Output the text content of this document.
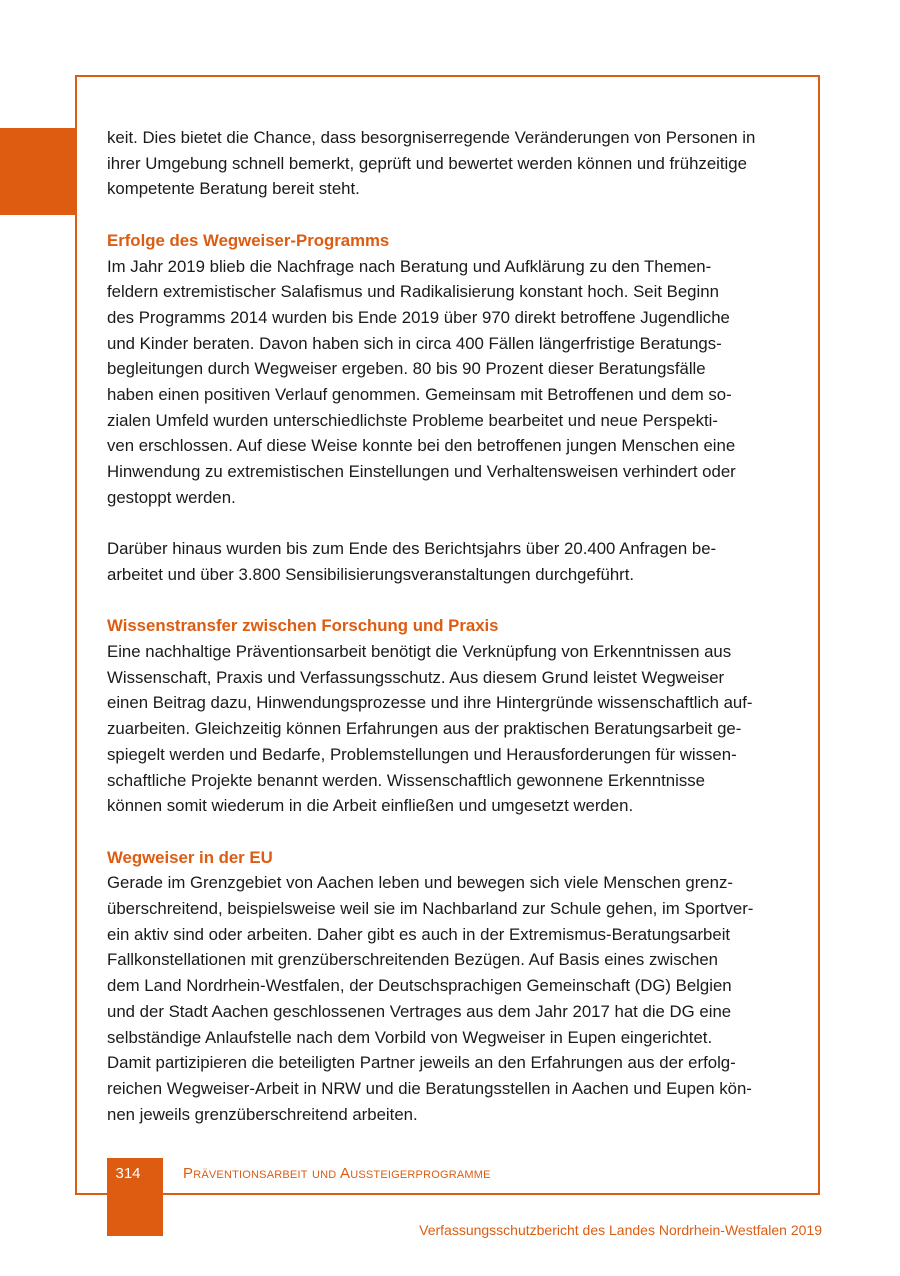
keit. Dies bietet die Chance, dass besorgniserregende Veränderungen von Personen in
ihrer Umgebung schnell bemerkt, geprüft und bewertet werden können und frühzeitige
kompetente Beratung bereit steht.

Erfolge des Wegweiser-Programms

Im Jahr 2019 blieb die Nachfrage nach Beratung und Aufklärung zu den Themen-
feldern extremistischer Salafismus und Radikalisierung konstant hoch. Seit Beginn
des Programms 2014 wurden bis Ende 2019 über 970 direkt betroffene Jugendliche
und Kinder beraten. Davon haben sich in circa 400 Fällen längerfristige Beratungs-
begleitungen durch Wegweiser ergeben. 80 bis 90 Prozent dieser Beratungsfälle
haben einen positiven Verlauf genommen. Gemeinsam mit Betroffenen und dem so-
zialen Umfeld wurden unterschiedlichste Probleme bearbeitet und neue Perspekti-
ven erschlossen. Auf diese Weise konnte bei den betroffenen jungen Menschen eine
Hinwendung zu extremistischen Einstellungen und Verhaltensweisen verhindert oder
gestoppt werden.

Darüber hinaus wurden bis zum Ende des Berichtsjahrs über 20.400 Anfragen be-
arbeitet und über 3.800 Sensibilisierungsveranstaltungen durchgeführt.

Wissenstransfer zwischen Forschung und Praxis

Eine nachhaltige Präventionsarbeit benötigt die Verknüpfung von Erkenntnissen aus
Wissenschaft, Praxis und Verfassungsschutz. Aus diesem Grund leistet Wegweiser
einen Beitrag dazu, Hinwendungsprozesse und ihre Hintergründe wissenschaftlich auf-
zuarbeiten. Gleichzeitig können Erfahrungen aus der praktischen Beratungsarbeit ge-
spiegelt werden und Bedarfe, Problemstellungen und Herausforderungen für wissen-
schaftliche Projekte benannt werden. Wissenschaftlich gewonnene Erkenntnisse
können somit wiederum in die Arbeit einfließen und umgesetzt werden.

Wegweiser in der EU

Gerade im Grenzgebiet von Aachen leben und bewegen sich viele Menschen grenz-
überschreitend, beispielsweise weil sie im Nachbarland zur Schule gehen, im Sportver-
ein aktiv sind oder arbeiten. Daher gibt es auch in der Extremismus-Beratungsarbeit
Fallkonstellationen mit grenzüberschreitenden Bezügen. Auf Basis eines zwischen
dem Land Nordrhein-Westfalen, der Deutschsprachigen Gemeinschaft (DG) Belgien
und der Stadt Aachen geschlossenen Vertrages aus dem Jahr 2017 hat die DG eine
selbständige Anlaufstelle nach dem Vorbild von Wegweiser in Eupen eingerichtet.
Damit partizipieren die beteiligten Partner jeweils an den Erfahrungen aus der erfolg-
reichen Wegweiser-Arbeit in NRW und die Beratungsstellen in Aachen und Eupen kön-
nen jeweils grenzüberschreitend arbeiten.

314	Präventionsarbeit und Aussteigerprogramme
Verfassungsschutzbericht des Landes Nordrhein-Westfalen 2019
